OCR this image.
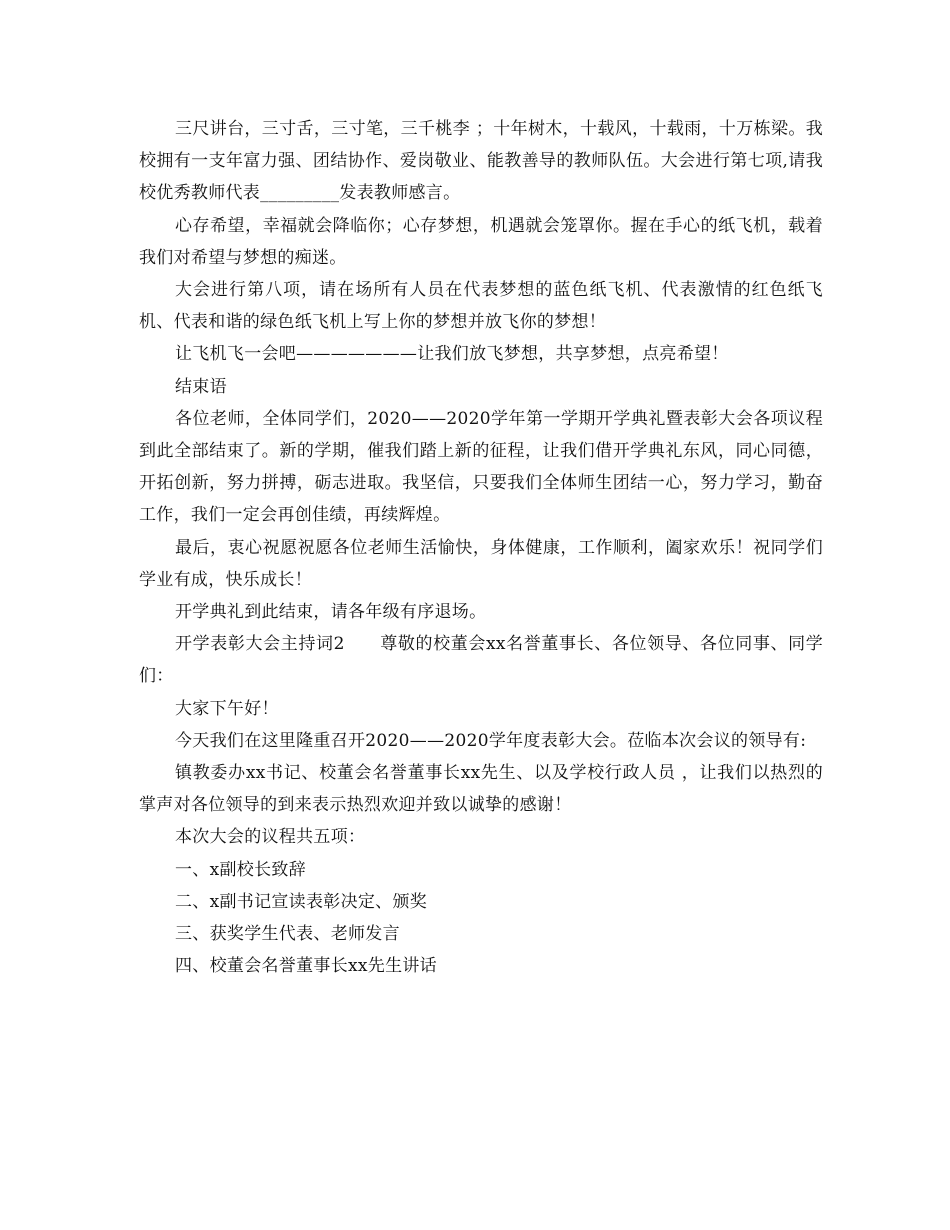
三尺讲台，三寸舌，三寸笔，三千桃李 ；十年树木，十载风，十载雨，十万栋梁。我校拥有一支年富力强、团结协作、爱岗敬业、能教善导的教师队伍。大会进行第七项,请我校优秀教师代表_________发表教师感言。

心存希望，幸福就会降临你；心存梦想，机遇就会笼罩你。握在手心的纸飞机，载着我们对希望与梦想的痴迷。

大会进行第八项，请在场所有人员在代表梦想的蓝色纸飞机、代表激情的红色纸飞机、代表和谐的绿色纸飞机上写上你的梦想并放飞你的梦想！

让飞机飞一会吧———————让我们放飞梦想，共享梦想，点亮希望！

结束语

各位老师，全体同学们，2020——2020学年第一学期开学典礼暨表彰大会各项议程到此全部结束了。新的学期，催我们踏上新的征程，让我们借开学典礼东风，同心同德，开拓创新，努力拼搏，砺志进取。我坚信，只要我们全体师生团结一心，努力学习，勤奋工作，我们一定会再创佳绩，再续辉煌。

最后，衷心祝愿祝愿各位老师生活愉快，身体健康，工作顺利，阖家欢乐！祝同学们学业有成，快乐成长！

开学典礼到此结束，请各年级有序退场。

开学表彰大会主持词2　　尊敬的校董会xx名誉董事长、各位领导、各位同事、同学们：

大家下午好！

今天我们在这里隆重召开2020——2020学年度表彰大会。莅临本次会议的领导有:

镇教委办xx书记、校董会名誉董事长xx先生、以及学校行政人员 ，让我们以热烈的掌声对各位领导的到来表示热烈欢迎并致以诚挚的感谢！

本次大会的议程共五项：

一、x副校长致辞

二、x副书记宣读表彰决定、颁奖

三、获奖学生代表、老师发言

四、校董会名誉董事长xx先生讲话
